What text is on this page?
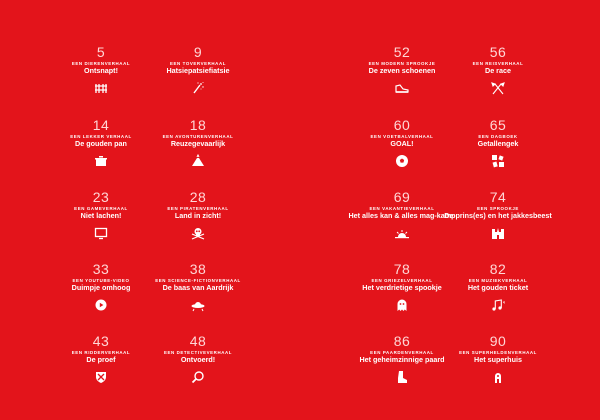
5
EEN DIERENVERHAAL
Ontsnapt!
9
EEN TOVERVERHAAL
Hatsiepatsiefiatsie
52
EEN MODERN SPROOKJE
De zeven schoenen
56
EEN REISVERHAAL
De race
14
EEN LEKKER VERHAAL
De gouden pan
18
EEN AVONTURENVERHAAL
Reuzegevaarlijk
60
EEN VOETBALVERHAAL
GOAL!
65
EEN DAGBOEK
Getallengek
23
EEN GAMEVERHAAL
Niet lachen!
28
EEN PIRATENVERHAAL
Land in zicht!
69
EEN VAKANTIEVERHAAL
Het alles kan & alles mag-kamp
74
EEN SPROOKJE
De prins(es) en het jakkesbeest
33
EEN YOUTUBE-VIDEO
Duimpje omhoog
38
EEN SCIENCE-FICTIONVERHAAL
De baas van Aardrijk
78
EEN GRIEZELVERHAAL
Het verdrietige spookje
82
EEN MUZIEKVERHAAL
Het gouden ticket
43
EEN RIDDERVERHAAL
De proef
48
EEN DETECTIVEVERHAAL
Ontvoerd!
86
EEN PAARDENVERHAAL
Het geheimzinnige paard
90
EEN SUPERHELDENVERHAAL
Het superhuis
